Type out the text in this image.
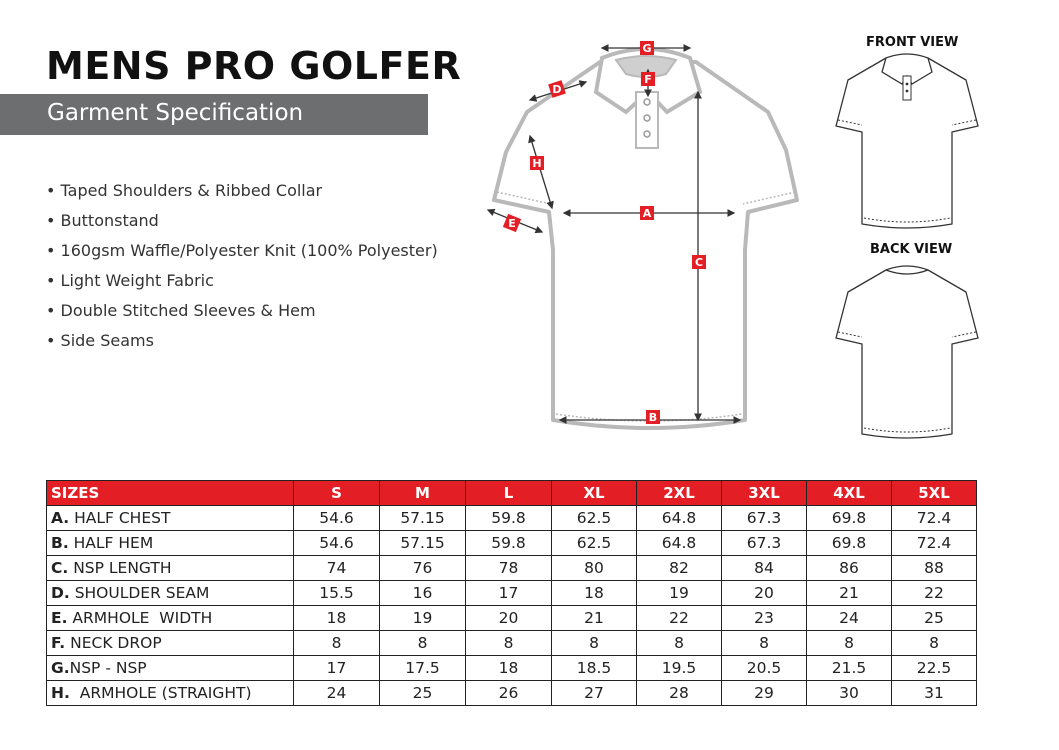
MENS PRO GOLFER
Garment Specification
• Taped Shoulders & Ribbed Collar
• Buttonstand
• 160gsm Waffle/Polyester Knit (100% Polyester)
• Light Weight Fabric
• Double Stitched Sleeves & Hem
• Side Seams
A
B
C
D
E
F
G
H
FRONT VIEW
BACK VIEW
SIZES	S	M	L	XL	2XL	3XL	4XL	5XL
A. HALF CHEST	54.6	57.15	59.8	62.5	64.8	67.3	69.8	72.4
B. HALF HEM	54.6	57.15	59.8	62.5	64.8	67.3	69.8	72.4
C. NSP LENGTH	74	76	78	80	82	84	86	88
D. SHOULDER SEAM	15.5	16	17	18	19	20	21	22
E. ARMHOLE  WIDTH	18	19	20	21	22	23	24	25
F. NECK DROP	8	8	8	8	8	8	8	8
G.NSP - NSP	17	17.5	18	18.5	19.5	20.5	21.5	22.5
H.  ARMHOLE (STRAIGHT)	24	25	26	27	28	29	30	31
